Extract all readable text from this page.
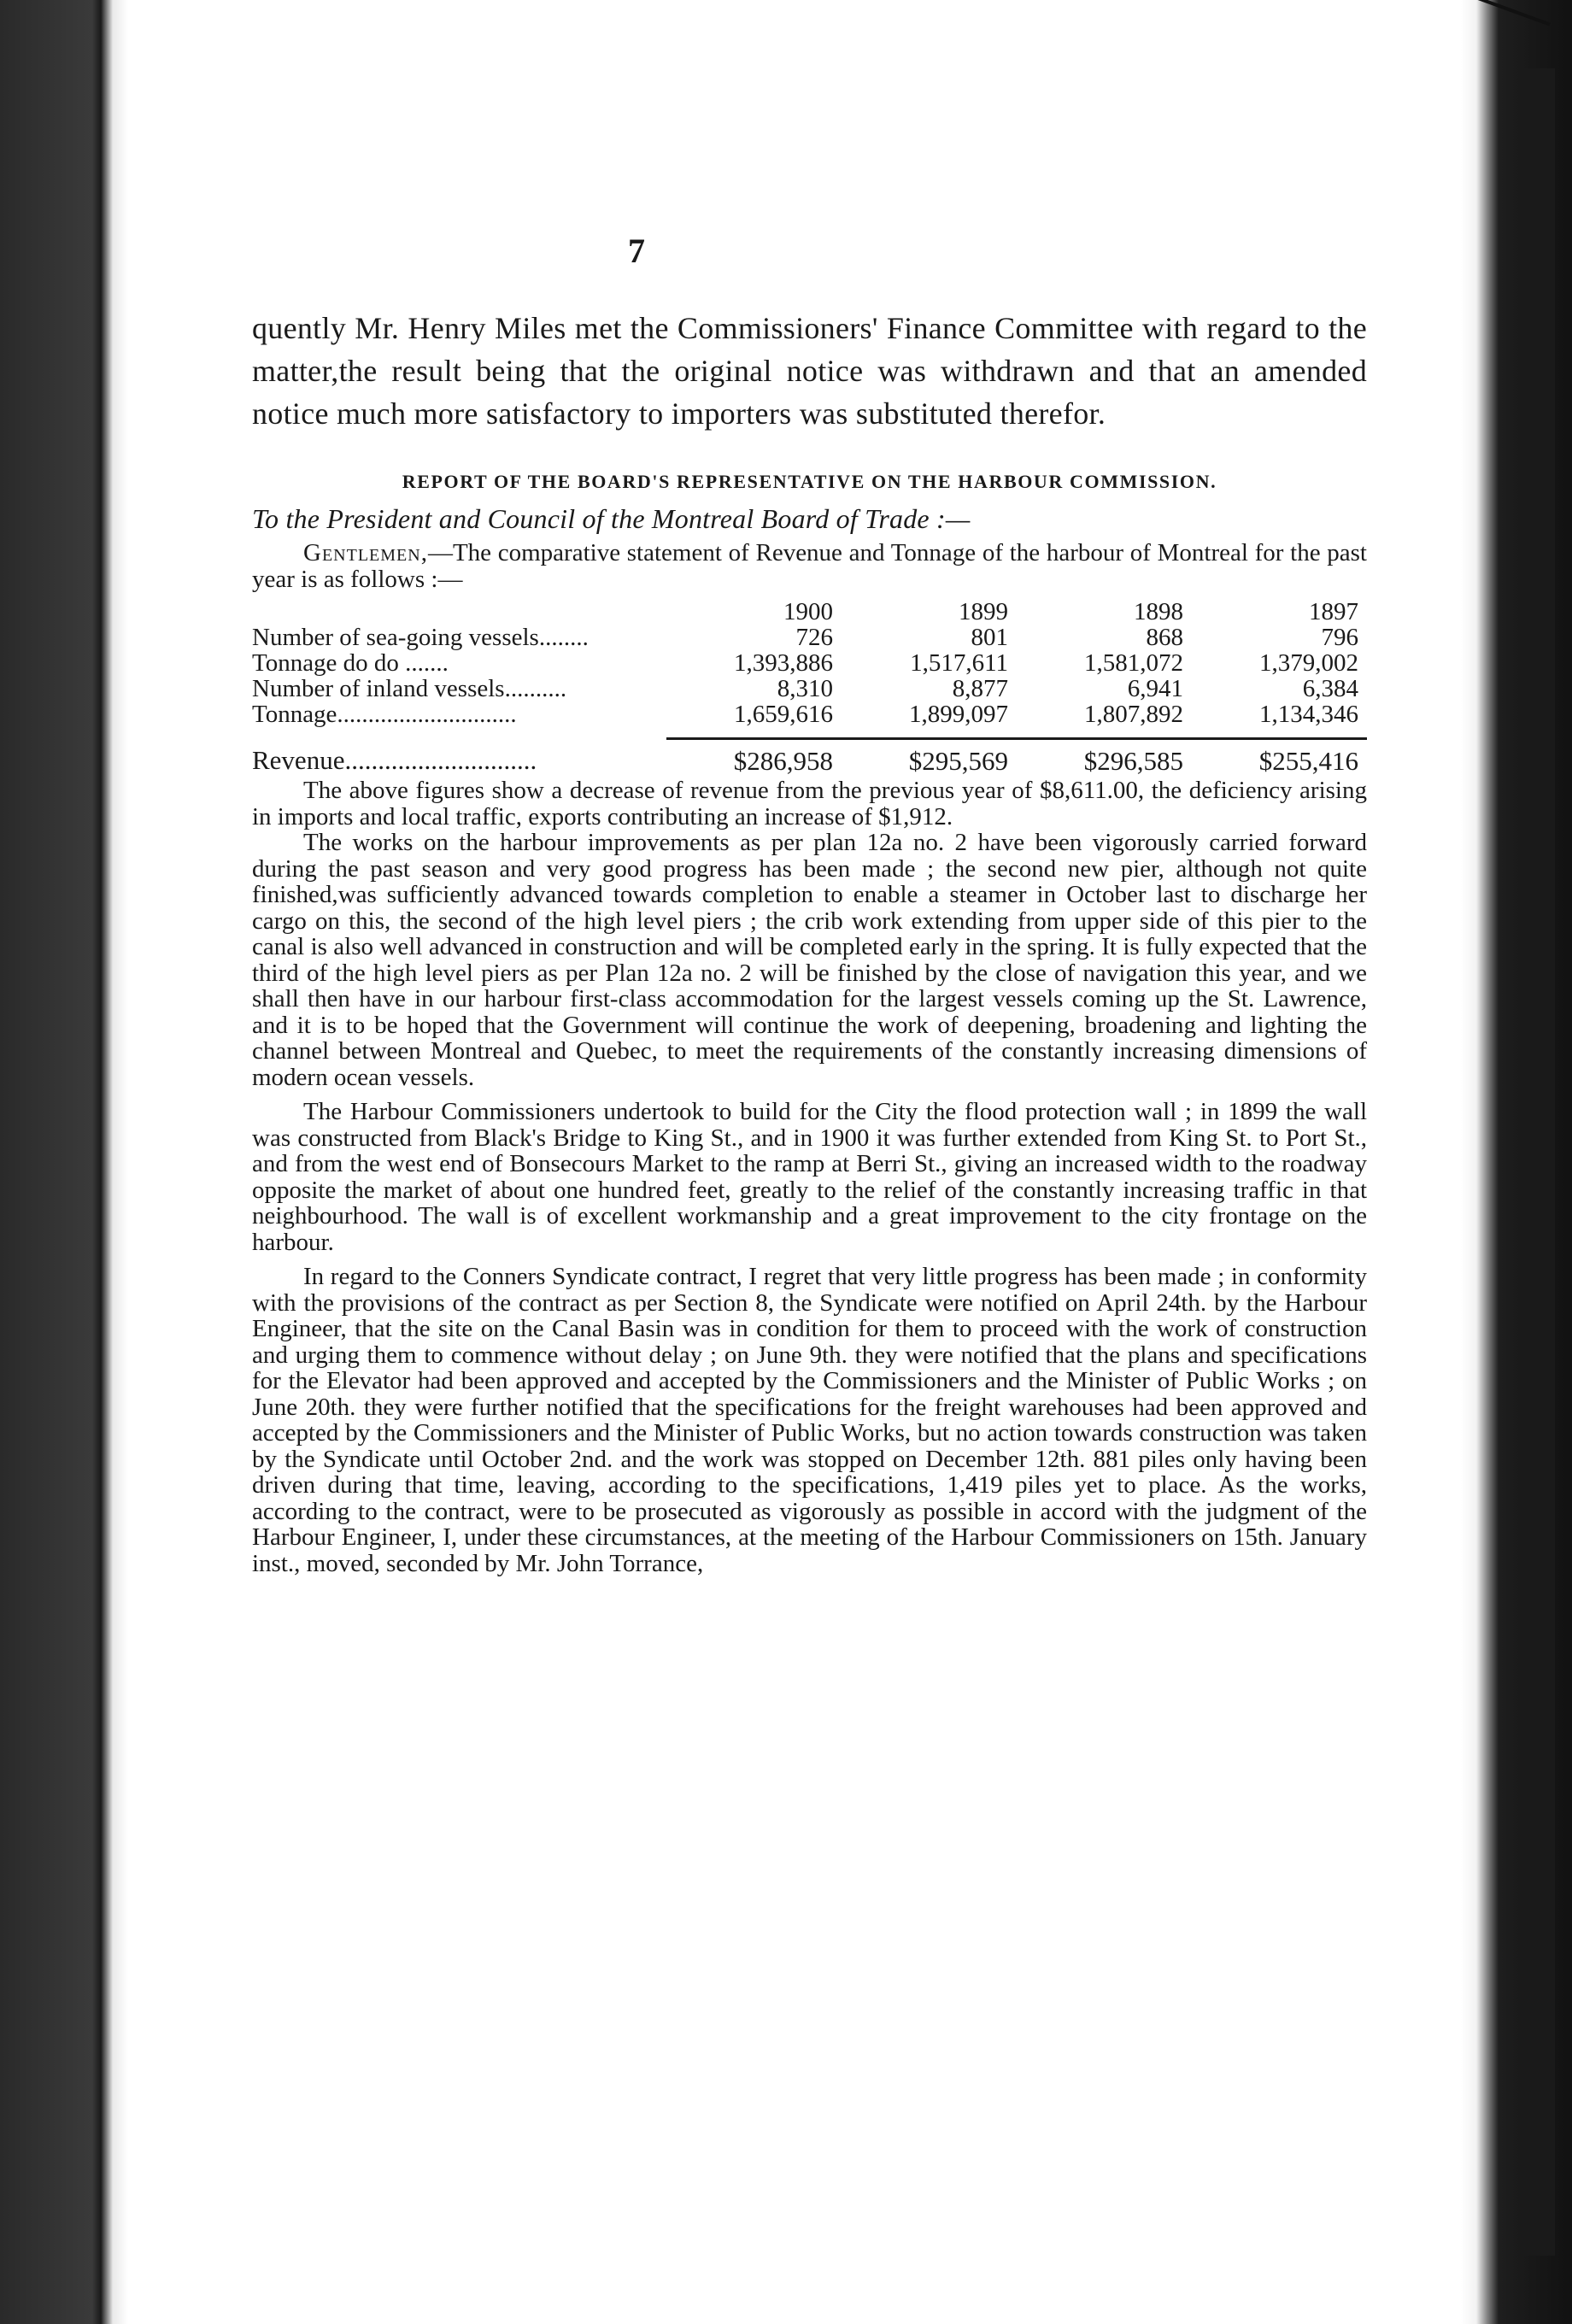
7

quently Mr. Henry Miles met the Commissioners' Finance Committee with regard to the matter,the result being that the original notice was withdrawn and that an amended notice much more satisfactory to importers was substituted therefor.

REPORT OF THE BOARD'S REPRESENTATIVE ON THE HARBOUR COMMISSION.
To the President and Council of the Montreal Board of Trade :—

Gentlemen,—The comparative statement of Revenue and Tonnage of the harbour of Montreal for the past year is as follows :—

	1900	1899	1898	1897
Number of sea-going vessels........	726	801	868	796
Tonnage do do .......	1,393,886	1,517,611	1,581,072	1,379,002
Number of inland vessels..........	8,310	8,877	6,941	6,384
Tonnage.............................	1,659,616	1,899,097	1,807,892	1,134,346

Revenue.............................	$286,958	$295,569	$296,585	$255,416

The above figures show a decrease of revenue from the previous year of $8,611.00, the deficiency arising in imports and local traffic, exports contributing an increase of $1,912.

The works on the harbour improvements as per plan 12a no. 2 have been vigorously carried forward during the past season and very good progress has been made ; the second new pier, although not quite finished,was sufficiently advanced towards completion to enable a steamer in October last to discharge her cargo on this, the second of the high level piers ; the crib work extending from upper side of this pier to the canal is also well advanced in construction and will be completed early in the spring. It is fully expected that the third of the high level piers as per Plan 12a no. 2 will be finished by the close of navigation this year, and we shall then have in our harbour first-class accommodation for the largest vessels coming up the St. Lawrence, and it is to be hoped that the Government will continue the work of deepening, broadening and lighting the channel between Montreal and Quebec, to meet the requirements of the constantly increasing dimensions of modern ocean vessels.

The Harbour Commissioners undertook to build for the City the flood protection wall ; in 1899 the wall was constructed from Black's Bridge to King St., and in 1900 it was further extended from King St. to Port St., and from the west end of Bonsecours Market to the ramp at Berri St., giving an increased width to the roadway opposite the market of about one hundred feet, greatly to the relief of the constantly increasing traffic in that neighbourhood. The wall is of excellent workmanship and a great improvement to the city frontage on the harbour.

In regard to the Conners Syndicate contract, I regret that very little progress has been made ; in conformity with the provisions of the contract as per Section 8, the Syndicate were notified on April 24th. by the Harbour Engineer, that the site on the Canal Basin was in condition for them to proceed with the work of construction and urging them to commence without delay ; on June 9th. they were notified that the plans and specifications for the Elevator had been approved and accepted by the Commissioners and the Minister of Public Works ; on June 20th. they were further notified that the specifications for the freight warehouses had been approved and accepted by the Commissioners and the Minister of Public Works, but no action towards construction was taken by the Syndicate until October 2nd. and the work was stopped on December 12th. 881 piles only having been driven during that time, leaving, according to the specifications, 1,419 piles yet to place. As the works, according to the contract, were to be prosecuted as vigorously as possible in accord with the judgment of the Harbour Engineer, I, under these circumstances, at the meeting of the Harbour Commissioners on 15th. January inst., moved, seconded by Mr. John Torrance,
